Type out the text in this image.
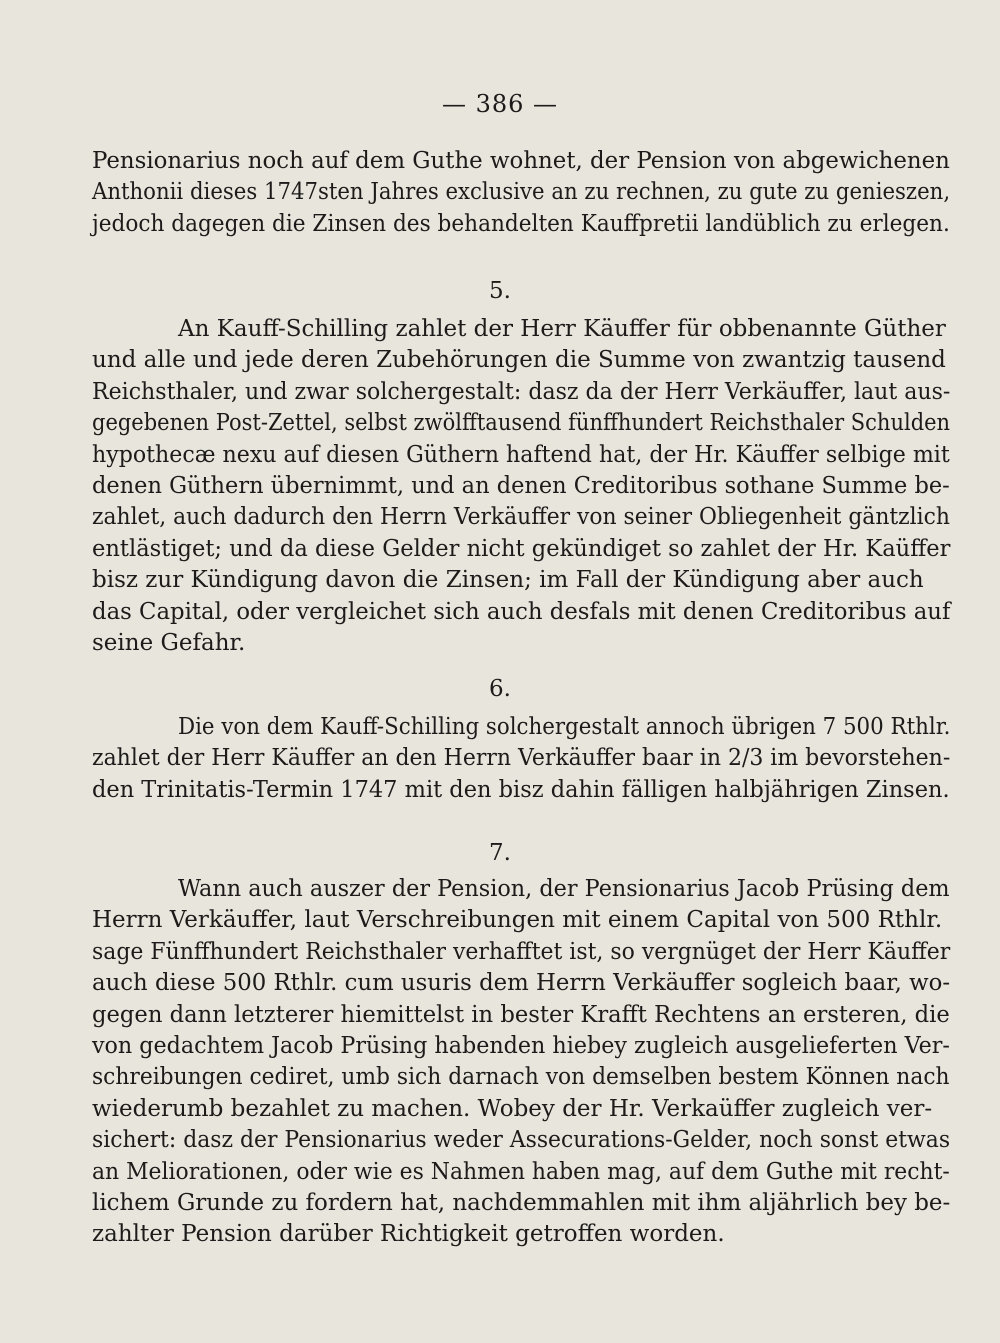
— 386 —
Pensionarius noch auf dem Guthe wohnet, der Pension von abgewichenen
Anthonii dieses 1747sten Jahres exclusive an zu rechnen, zu gute zu genieszen,
jedoch dagegen die Zinsen des behandelten Kauffpretii landüblich zu erlegen.
5.
An Kauff-Schilling zahlet der Herr Käuffer für obbenannte Güther
und alle und jede deren Zubehörungen die Summe von zwantzig tausend
Reichsthaler, und zwar solchergestalt: dasz da der Herr Verkäuffer, laut aus-
gegebenen Post-Zettel, selbst zwölfftausend fünffhundert Reichsthaler Schulden
hypothecæ nexu auf diesen Güthern haftend hat, der Hr. Käuffer selbige mit
denen Güthern übernimmt, und an denen Creditoribus sothane Summe be-
zahlet, auch dadurch den Herrn Verkäuffer von seiner Obliegenheit gäntzlich
entlästiget; und da diese Gelder nicht gekündiget so zahlet der Hr. Kaüffer
bisz zur Kündigung davon die Zinsen; im Fall der Kündigung aber auch
das Capital, oder vergleichet sich auch desfals mit denen Creditoribus auf
seine Gefahr.
6.
Die von dem Kauff-Schilling solchergestalt annoch übrigen 7 500 Rthlr.
zahlet der Herr Käuffer an den Herrn Verkäuffer baar in 2/3 im bevorstehen-
den Trinitatis-Termin 1747 mit den bisz dahin fälligen halbjährigen Zinsen.
7.
Wann auch auszer der Pension, der Pensionarius Jacob Prüsing dem
Herrn Verkäuffer, laut Verschreibungen mit einem Capital von 500 Rthlr.
sage Fünffhundert Reichsthaler verhafftet ist, so vergnüget der Herr Käuffer
auch diese 500 Rthlr. cum usuris dem Herrn Verkäuffer sogleich baar, wo-
gegen dann letzterer hiemittelst in bester Krafft Rechtens an ersteren, die
von gedachtem Jacob Prüsing habenden hiebey zugleich ausgelieferten Ver-
schreibungen cediret, umb sich darnach von demselben bestem Können nach
wiederumb bezahlet zu machen. Wobey der Hr. Verkaüffer zugleich ver-
sichert: dasz der Pensionarius weder Assecurations-Gelder, noch sonst etwas
an Meliorationen, oder wie es Nahmen haben mag, auf dem Guthe mit recht-
lichem Grunde zu fordern hat, nachdemmahlen mit ihm aljährlich bey be-
zahlter Pension darüber Richtigkeit getroffen worden.
